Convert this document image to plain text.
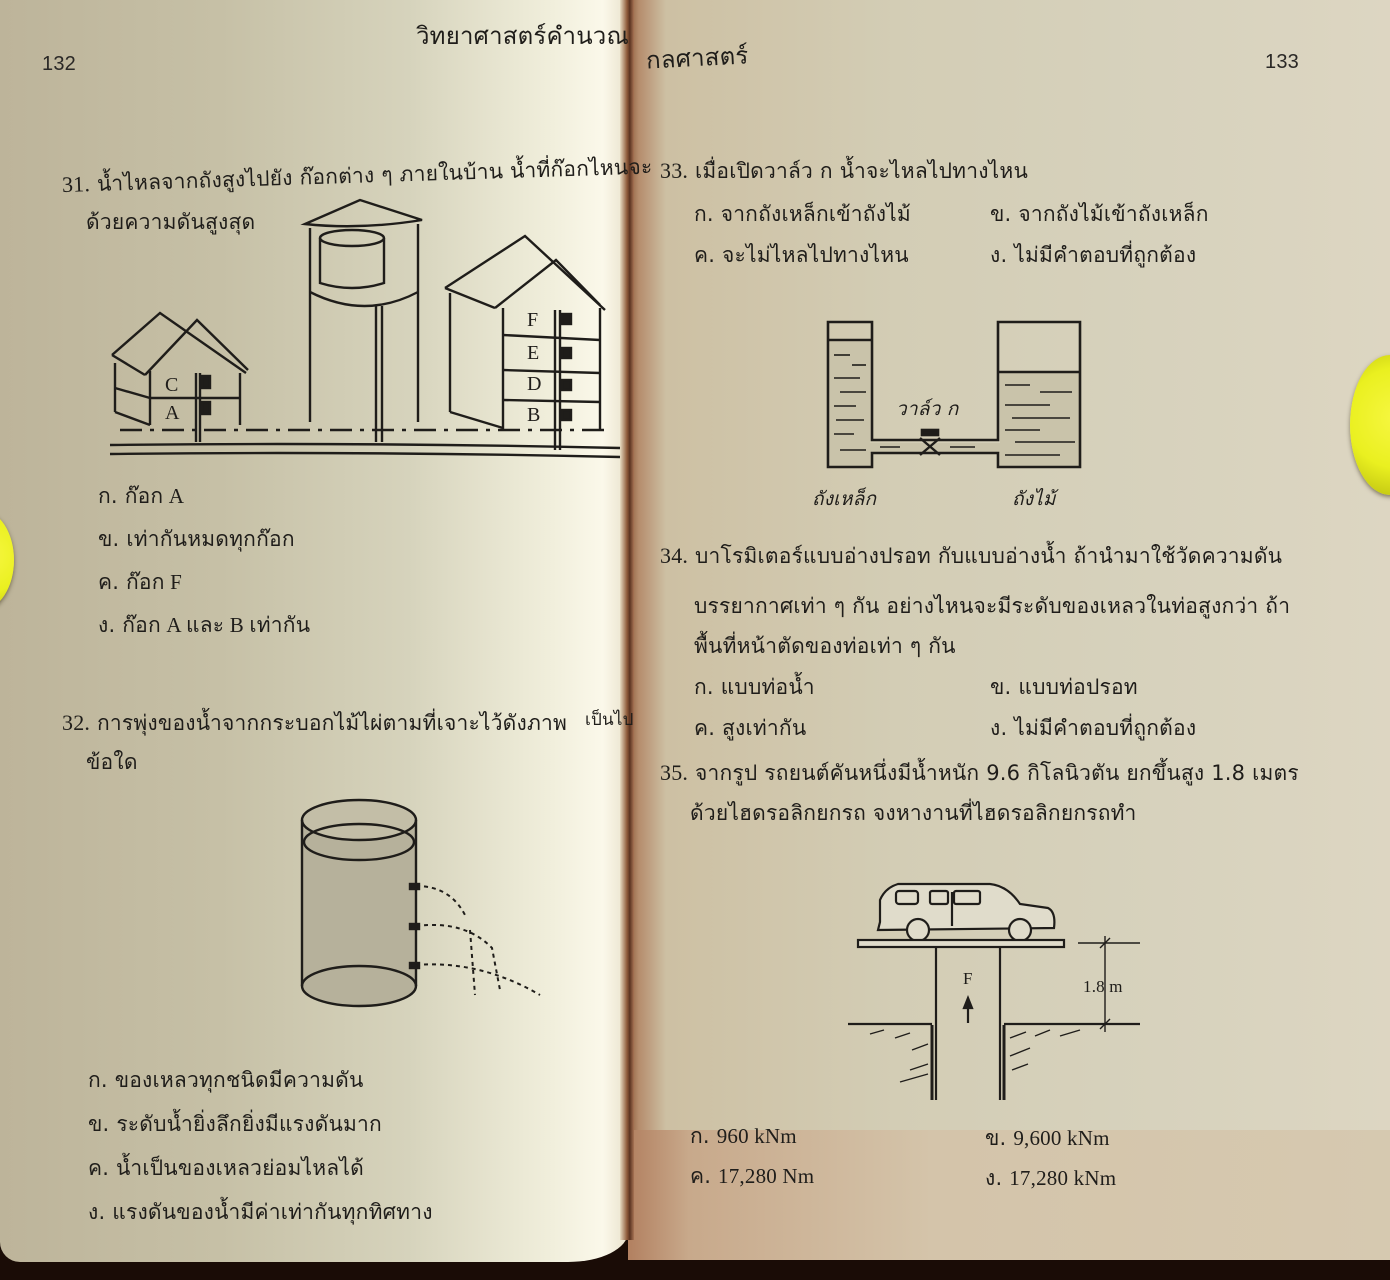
132
วิทยาศาสตร์คำนวณ
กลศาสตร์	133
31. น้ำไหลจากถังสูงไปยัง ก๊อกต่าง ๆ ภายในบ้าน น้ำที่ก๊อกไหนจะ
ด้วยความดันสูงสุด
C
A
F
E
D
B
ก. ก๊อก A
ข. เท่ากันหมดทุกก๊อก
ค. ก๊อก F
ง. ก๊อก A และ B เท่ากัน
32. การพุ่งของน้ำจากกระบอกไม้ไผ่ตามที่เจาะไว้ดังภาพ เป็นไป
ข้อใด
ก. ของเหลวทุกชนิดมีความดัน
ข. ระดับน้ำยิ่งลึกยิ่งมีแรงดันมาก
ค. น้ำเป็นของเหลวย่อมไหลได้
ง. แรงดันของน้ำมีค่าเท่ากันทุกทิศทาง
33. เมื่อเปิดวาล์ว ก น้ำจะไหลไปทางไหน
ก. จากถังเหล็กเข้าถังไม้	ข. จากถังไม้เข้าถังเหล็ก
ค. จะไม่ไหลไปทางไหน	ง. ไม่มีคำตอบที่ถูกต้อง
วาล์ว ก
ถังเหล็ก	ถังไม้
34. บาโรมิเตอร์แบบอ่างปรอท กับแบบอ่างน้ำ ถ้านำมาใช้วัดความดัน
บรรยากาศเท่า ๆ กัน อย่างไหนจะมีระดับของเหลวในท่อสูงกว่า ถ้า
พื้นที่หน้าตัดของท่อเท่า ๆ กัน
ก. แบบท่อน้ำ	ข. แบบท่อปรอท
ค. สูงเท่ากัน	ง. ไม่มีคำตอบที่ถูกต้อง
35. จากรูป รถยนต์คันหนึ่งมีน้ำหนัก 9.6 กิโลนิวตัน ยกขึ้นสูง 1.8 เมตร
ด้วยไฮดรอลิกยกรถ จงหางานที่ไฮดรอลิกยกรถทำ
F	1.8 m
ก. 960 kNm	ข. 9,600 kNm
ค. 17,280 Nm	ง. 17,280 kNm
